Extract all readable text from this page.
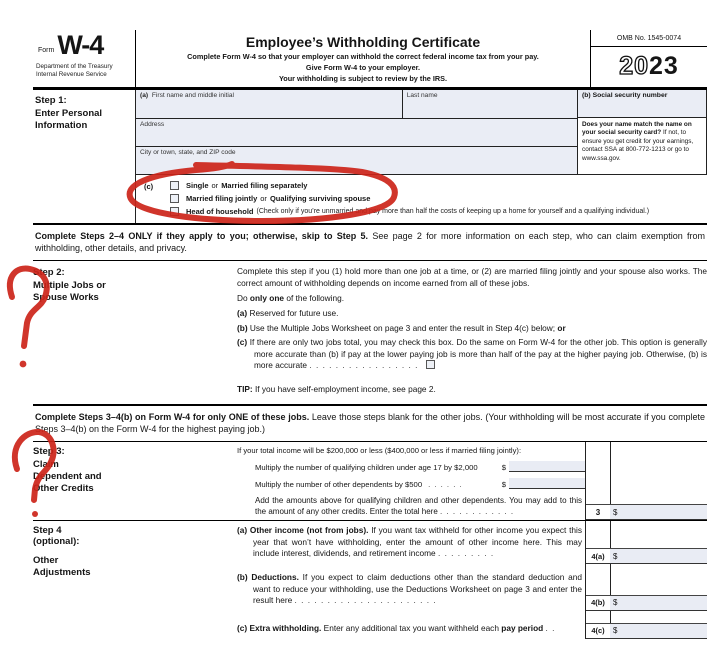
Form W-4
Department of the Treasury
Internal Revenue Service
Employee’s Withholding Certificate
Complete Form W-4 so that your employer can withhold the correct federal income tax from your pay.
Give Form W-4 to your employer.
Your withholding is subject to review by the IRS.
OMB No. 1545-0074
20 23
Step 1:
Enter Personal Information
(a) First name and middle initial	Last name
Address
City or town, state, and ZIP code
(b) Social security number
Does your name match the name on your social security card? If not, to ensure you get credit for your earnings, contact SSA at 800-772-1213 or go to www.ssa.gov.
(c)	Single or Married filing separately
Married filing jointly or Qualifying surviving spouse
Head of household (Check only if you’re unmarried and pay more than half the costs of keeping up a home for yourself and a qualifying individual.)
Complete Steps 2–4 ONLY if they apply to you; otherwise, skip to Step 5. See page 2 for more information on each step, who can claim exemption from withholding, other details, and privacy.
Step 2:
Multiple Jobs or Spouse Works
Complete this step if you (1) hold more than one job at a time, or (2) are married filing jointly and your spouse also works. The correct amount of withholding depends on income earned from all of these jobs.
Do only one of the following.
(a) Reserved for future use.
(b) Use the Multiple Jobs Worksheet on page 3 and enter the result in Step 4(c) below; or
(c) If there are only two jobs total, you may check this box. Do the same on Form W-4 for the other job. This option is generally more accurate than (b) if pay at the lower paying job is more than half of the pay at the higher paying job. Otherwise, (b) is more accurate . . . . . . . . . . . . . . . . .
TIP: If you have self-employment income, see page 2.
Complete Steps 3–4(b) on Form W-4 for only ONE of these jobs. Leave those steps blank for the other jobs. (Your withholding will be most accurate if you complete Steps 3–4(b) on the Form W-4 for the highest paying job.)
Step 3:
Claim Dependent and Other Credits
If your total income will be $200,000 or less ($400,000 or less if married filing jointly):
Multiply the number of qualifying children under age 17 by $2,000	$
Multiply the number of other dependents by $500 . . . . . .	$
Add the amounts above for qualifying children and other dependents. You may add to this the amount of any other credits. Enter the total here . . . . . . . . . . . .	3	$
Step 4
(optional):
Other Adjustments
(a) Other income (not from jobs). If you want tax withheld for other income you expect this year that won’t have withholding, enter the amount of other income here. This may include interest, dividends, and retirement income . . . . . . . . .	4(a)	$
(b) Deductions. If you expect to claim deductions other than the standard deduction and want to reduce your withholding, use the Deductions Worksheet on page 3 and enter the result here . . . . . . . . . . . . . . . . . . . . . .	4(b)	$
(c) Extra withholding. Enter any additional tax you want withheld each pay period . .	4(c)	$
